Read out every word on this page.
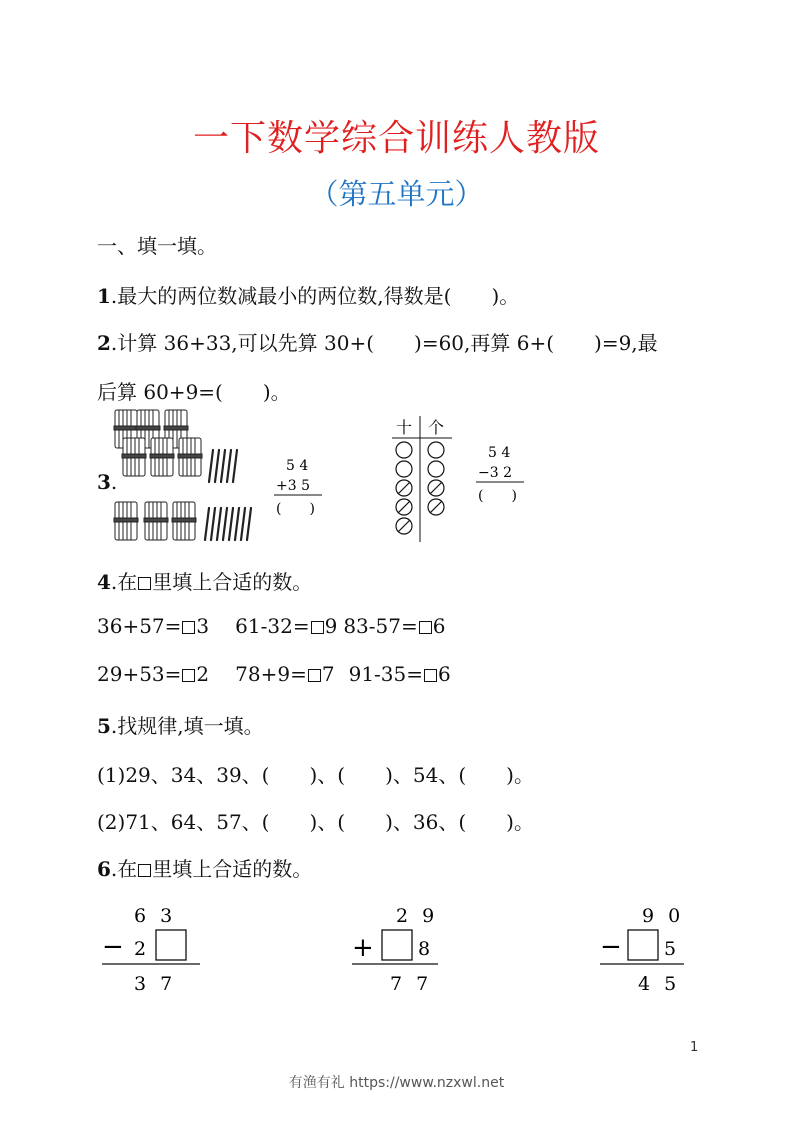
一下数学综合训练人教版
（第五单元）
一、填一填。
1.最大的两位数减最小的两位数,得数是(　　)。
2.计算 36+33,可以先算 30+(　　)=60,再算 6+(　　)=9,最
后算 60+9=(　　)。
3.
5 4
+3 5
(　　)
十 个
5 4
−3 2
(　　)
4.在 里填上合适的数。
36+57= 3 61-32= 9 83-57= 6
29+53= 2 78+9= 7 91-35= 6
5.找规律,填一填。
(1)29、34、39、(　　)、(　　)、54、(　　)。
(2)71、64、57、(　　)、(　　)、36、(　　)。
6.在 里填上合适的数。
6 3
− 2
3 7
2 9
+ 8
7 7
9 0
− 5
4 5
1
有渔有礼 https://www.nzxwl.net
